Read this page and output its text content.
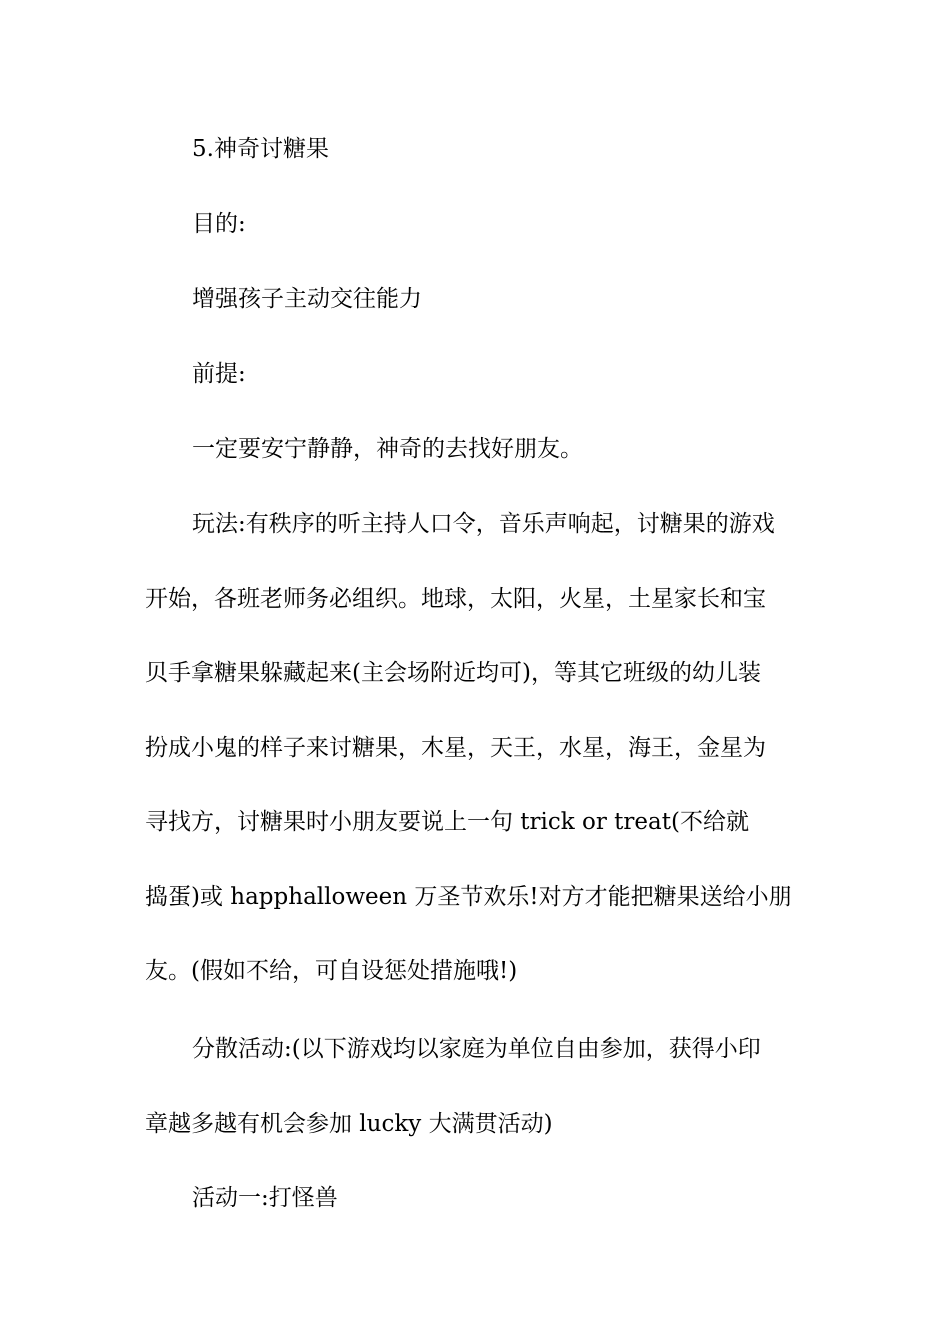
5.神奇讨糖果

目的:

增强孩子主动交往能力

前提:

一定要安宁静静，神奇的去找好朋友。

玩法:有秩序的听主持人口令，音乐声响起，讨糖果的游戏
开始，各班老师务必组织。地球，太阳，火星，土星家长和宝
贝手拿糖果躲藏起来(主会场附近均可)，等其它班级的幼儿装
扮成小鬼的样子来讨糖果，木星，天王，水星，海王，金星为
寻找方，讨糖果时小朋友要说上一句 trick or treat(不给就
捣蛋)或 happhalloween 万圣节欢乐!对方才能把糖果送给小朋
友。(假如不给，可自设惩处措施哦!)

分散活动:(以下游戏均以家庭为单位自由参加，获得小印
章越多越有机会参加 lucky 大满贯活动)

活动一:打怪兽
